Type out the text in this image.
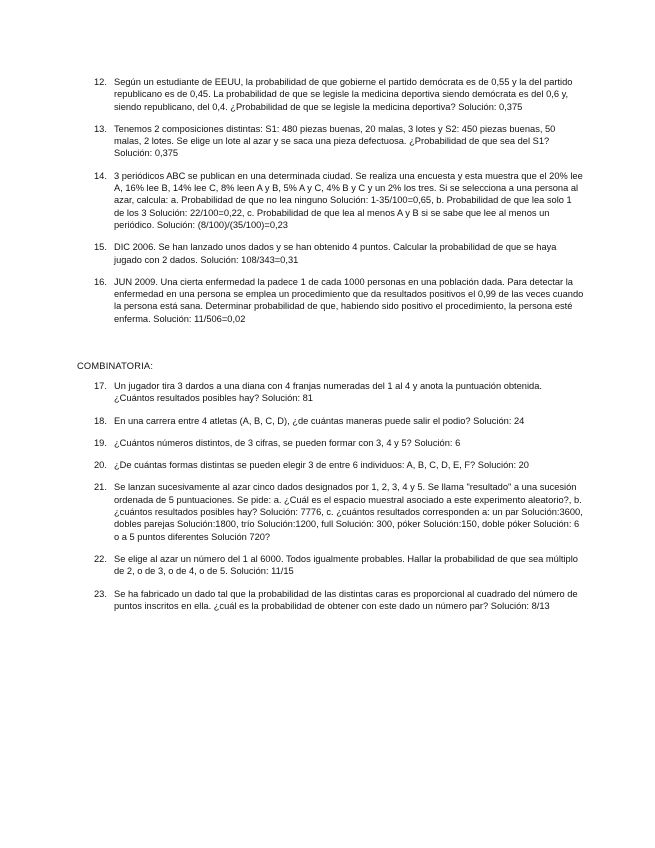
12. Según un estudiante de EEUU, la probabilidad de que gobierne el partido demócrata es de 0,55 y la del partido republicano es de 0,45. La probabilidad de que se legisle la medicina deportiva siendo demócrata es del 0,6 y, siendo republicano, del 0,4. ¿Probabilidad de que se legisle la medicina deportiva? Solución: 0,375
13. Tenemos 2 composiciones distintas: S1: 480 piezas buenas, 20 malas, 3 lotes y S2: 450 piezas buenas, 50 malas, 2 lotes. Se elige un lote al azar y se saca una pieza defectuosa. ¿Probabilidad de que sea del S1? Solución: 0,375
14. 3 periódicos ABC se publican en una determinada ciudad. Se realiza una encuesta y esta muestra que el 20% lee A, 16% lee B, 14% lee C, 8% leen A y B, 5% A y C, 4% B y C y un 2% los tres. Si se selecciona a una persona al azar, calcula: a. Probabilidad de que no lea ninguno Solución: 1-35/100=0,65, b. Probabilidad de que lea solo 1 de los 3 Solución: 22/100=0,22, c. Probabilidad de que lea al menos A y B si se sabe que lee al menos un periódico. Solución: (8/100)/(35/100)=0,23
15. DIC 2006. Se han lanzado unos dados y se han obtenido 4 puntos. Calcular la probabilidad de que se haya jugado con 2 dados. Solución: 108/343=0,31
16. JUN 2009. Una cierta enfermedad la padece 1 de cada 1000 personas en una población dada. Para detectar la enfermedad en una persona se emplea un procedimiento que da resultados positivos el 0,99 de las veces cuando la persona está sana. Determinar probabilidad de que, habiendo sido positivo el procedimiento, la persona esté enferma. Solución: 11/506=0,02
COMBINATORIA:
17. Un jugador tira 3 dardos a una diana con 4 franjas numeradas del 1 al 4 y anota la puntuación obtenida. ¿Cuántos resultados posibles hay? Solución: 81
18. En una carrera entre 4 atletas (A, B, C, D), ¿de cuántas maneras puede salir el podio? Solución: 24
19. ¿Cuántos números distintos, de 3 cifras, se pueden formar con 3, 4 y 5? Solución: 6
20. ¿De cuántas formas distintas se pueden elegir 3 de entre 6 individuos: A, B, C, D, E, F? Solución: 20
21. Se lanzan sucesivamente al azar cinco dados designados por 1, 2, 3, 4 y 5. Se llama "resultado" a una sucesión ordenada de 5 puntuaciones. Se pide: a. ¿Cuál es el espacio muestral asociado a este experimento aleatorio?, b. ¿cuántos resultados posibles hay? Solución: 7776, c. ¿cuántos resultados corresponden a: un par Solución:3600, dobles parejas Solución:1800, trío Solución:1200, full Solución: 300, póker Solución:150, doble póker Solución: 6 o a 5 puntos diferentes Solución 720?
22. Se elige al azar un número del 1 al 6000. Todos igualmente probables. Hallar la probabilidad de que sea múltiplo de 2, o de 3, o de 4, o de 5. Solución: 11/15
23. Se ha fabricado un dado tal que la probabilidad de las distintas caras es proporcional al cuadrado del número de puntos inscritos en ella. ¿cuál es la probabilidad de obtener con este dado un número par? Solución: 8/13
